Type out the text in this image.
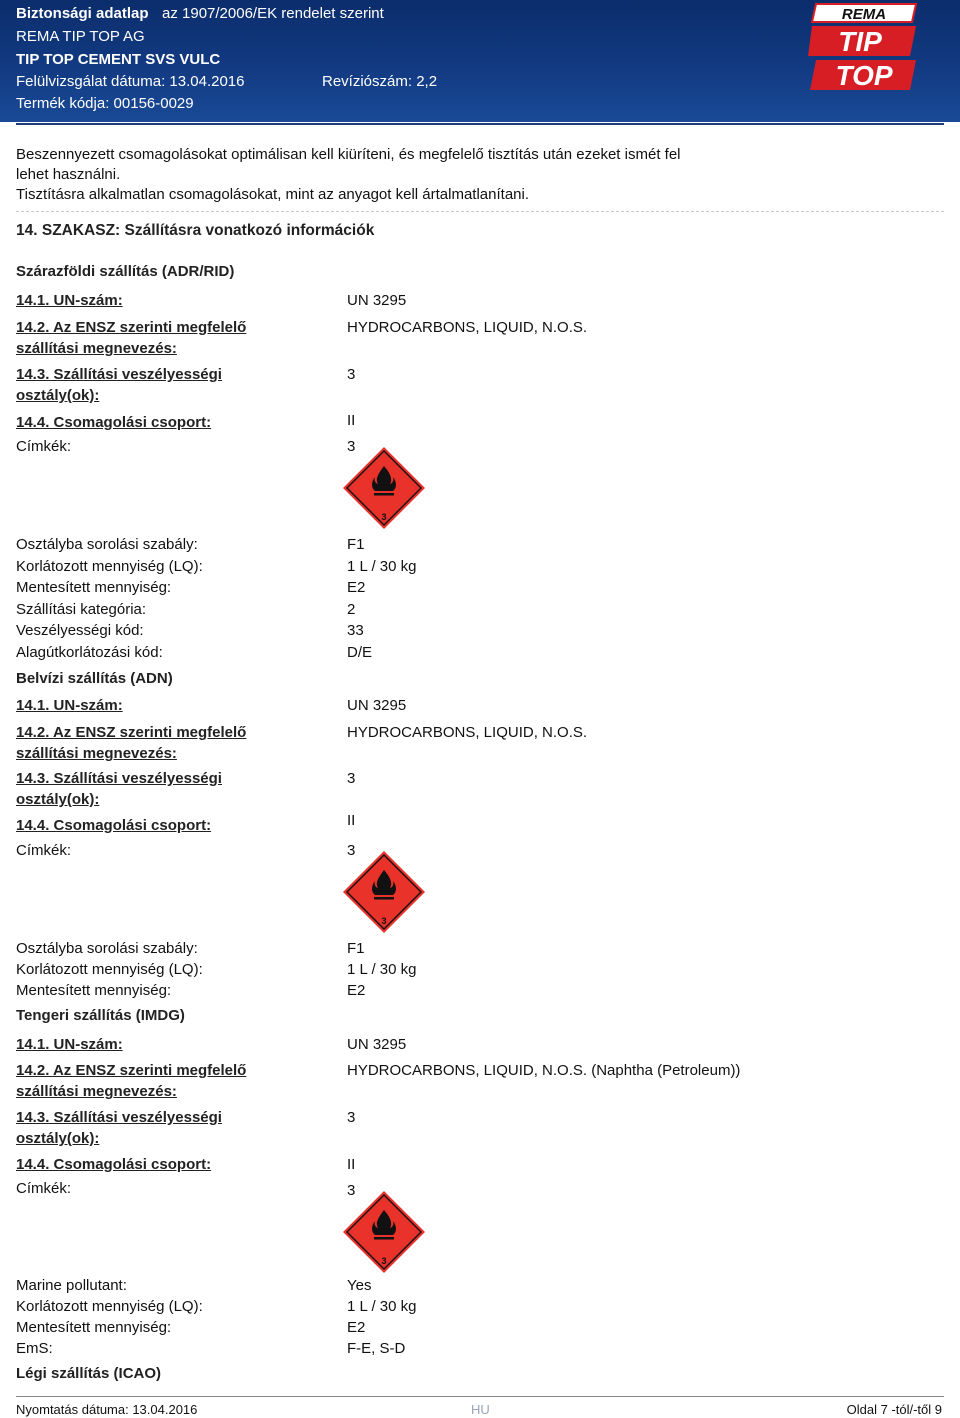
Biztonsági adatlap az 1907/2006/EK rendelet szerint
REMA TIP TOP AG
TIP TOP CEMENT SVS VULC
Felülvizsgálat dátuma: 13.04.2016	Revíziószám: 2,2
Termék kódja: 00156-0029
REMA
TIP
TOP
Beszennyezett csomagolásokat optimálisan kell kiüríteni, és megfelelő tisztítás után ezeket ismét fel
lehet használni.
Tisztításra alkalmatlan csomagolásokat, mint az anyagot kell ártalmatlanítani.
14. SZAKASZ: Szállításra vonatkozó információk
Szárazföldi szállítás (ADR/RID)
14.1. UN-szám:	UN 3295
14.2. Az ENSZ szerinti megfelelő
szállítási megnevezés:
HYDROCARBONS, LIQUID, N.O.S.
14.3. Szállítási veszélyességi
osztály(ok):
3
14.4. Csomagolási csoport:	II
Címkék:	3
3
Osztályba sorolási szabály:	F1
Korlátozott mennyiség (LQ):	1 L / 30 kg
Mentesített mennyiség:	E2
Szállítási kategória:	2
Veszélyességi kód:	33
Alagútkorlátozási kód:	D/E
Belvízi szállítás (ADN)
14.1. UN-szám:	UN 3295
14.2. Az ENSZ szerinti megfelelő
szállítási megnevezés:
HYDROCARBONS, LIQUID, N.O.S.
14.3. Szállítási veszélyességi
osztály(ok):
3
14.4. Csomagolási csoport:	II
Címkék:	3
3
Osztályba sorolási szabály:	F1
Korlátozott mennyiség (LQ):	1 L / 30 kg
Mentesített mennyiség:	E2
Tengeri szállítás (IMDG)
14.1. UN-szám:	UN 3295
14.2. Az ENSZ szerinti megfelelő
szállítási megnevezés:
HYDROCARBONS, LIQUID, N.O.S. (Naphtha (Petroleum))
14.3. Szállítási veszélyességi
osztály(ok):
3
14.4. Csomagolási csoport:	II
Címkék:	3
3
Marine pollutant:	Yes
Korlátozott mennyiség (LQ):	1 L / 30 kg
Mentesített mennyiség:	E2
EmS:	F-E, S-D
Légi szállítás (ICAO)
Nyomtatás dátuma: 13.04.2016	HU	Oldal 7 -tól/-től 9
